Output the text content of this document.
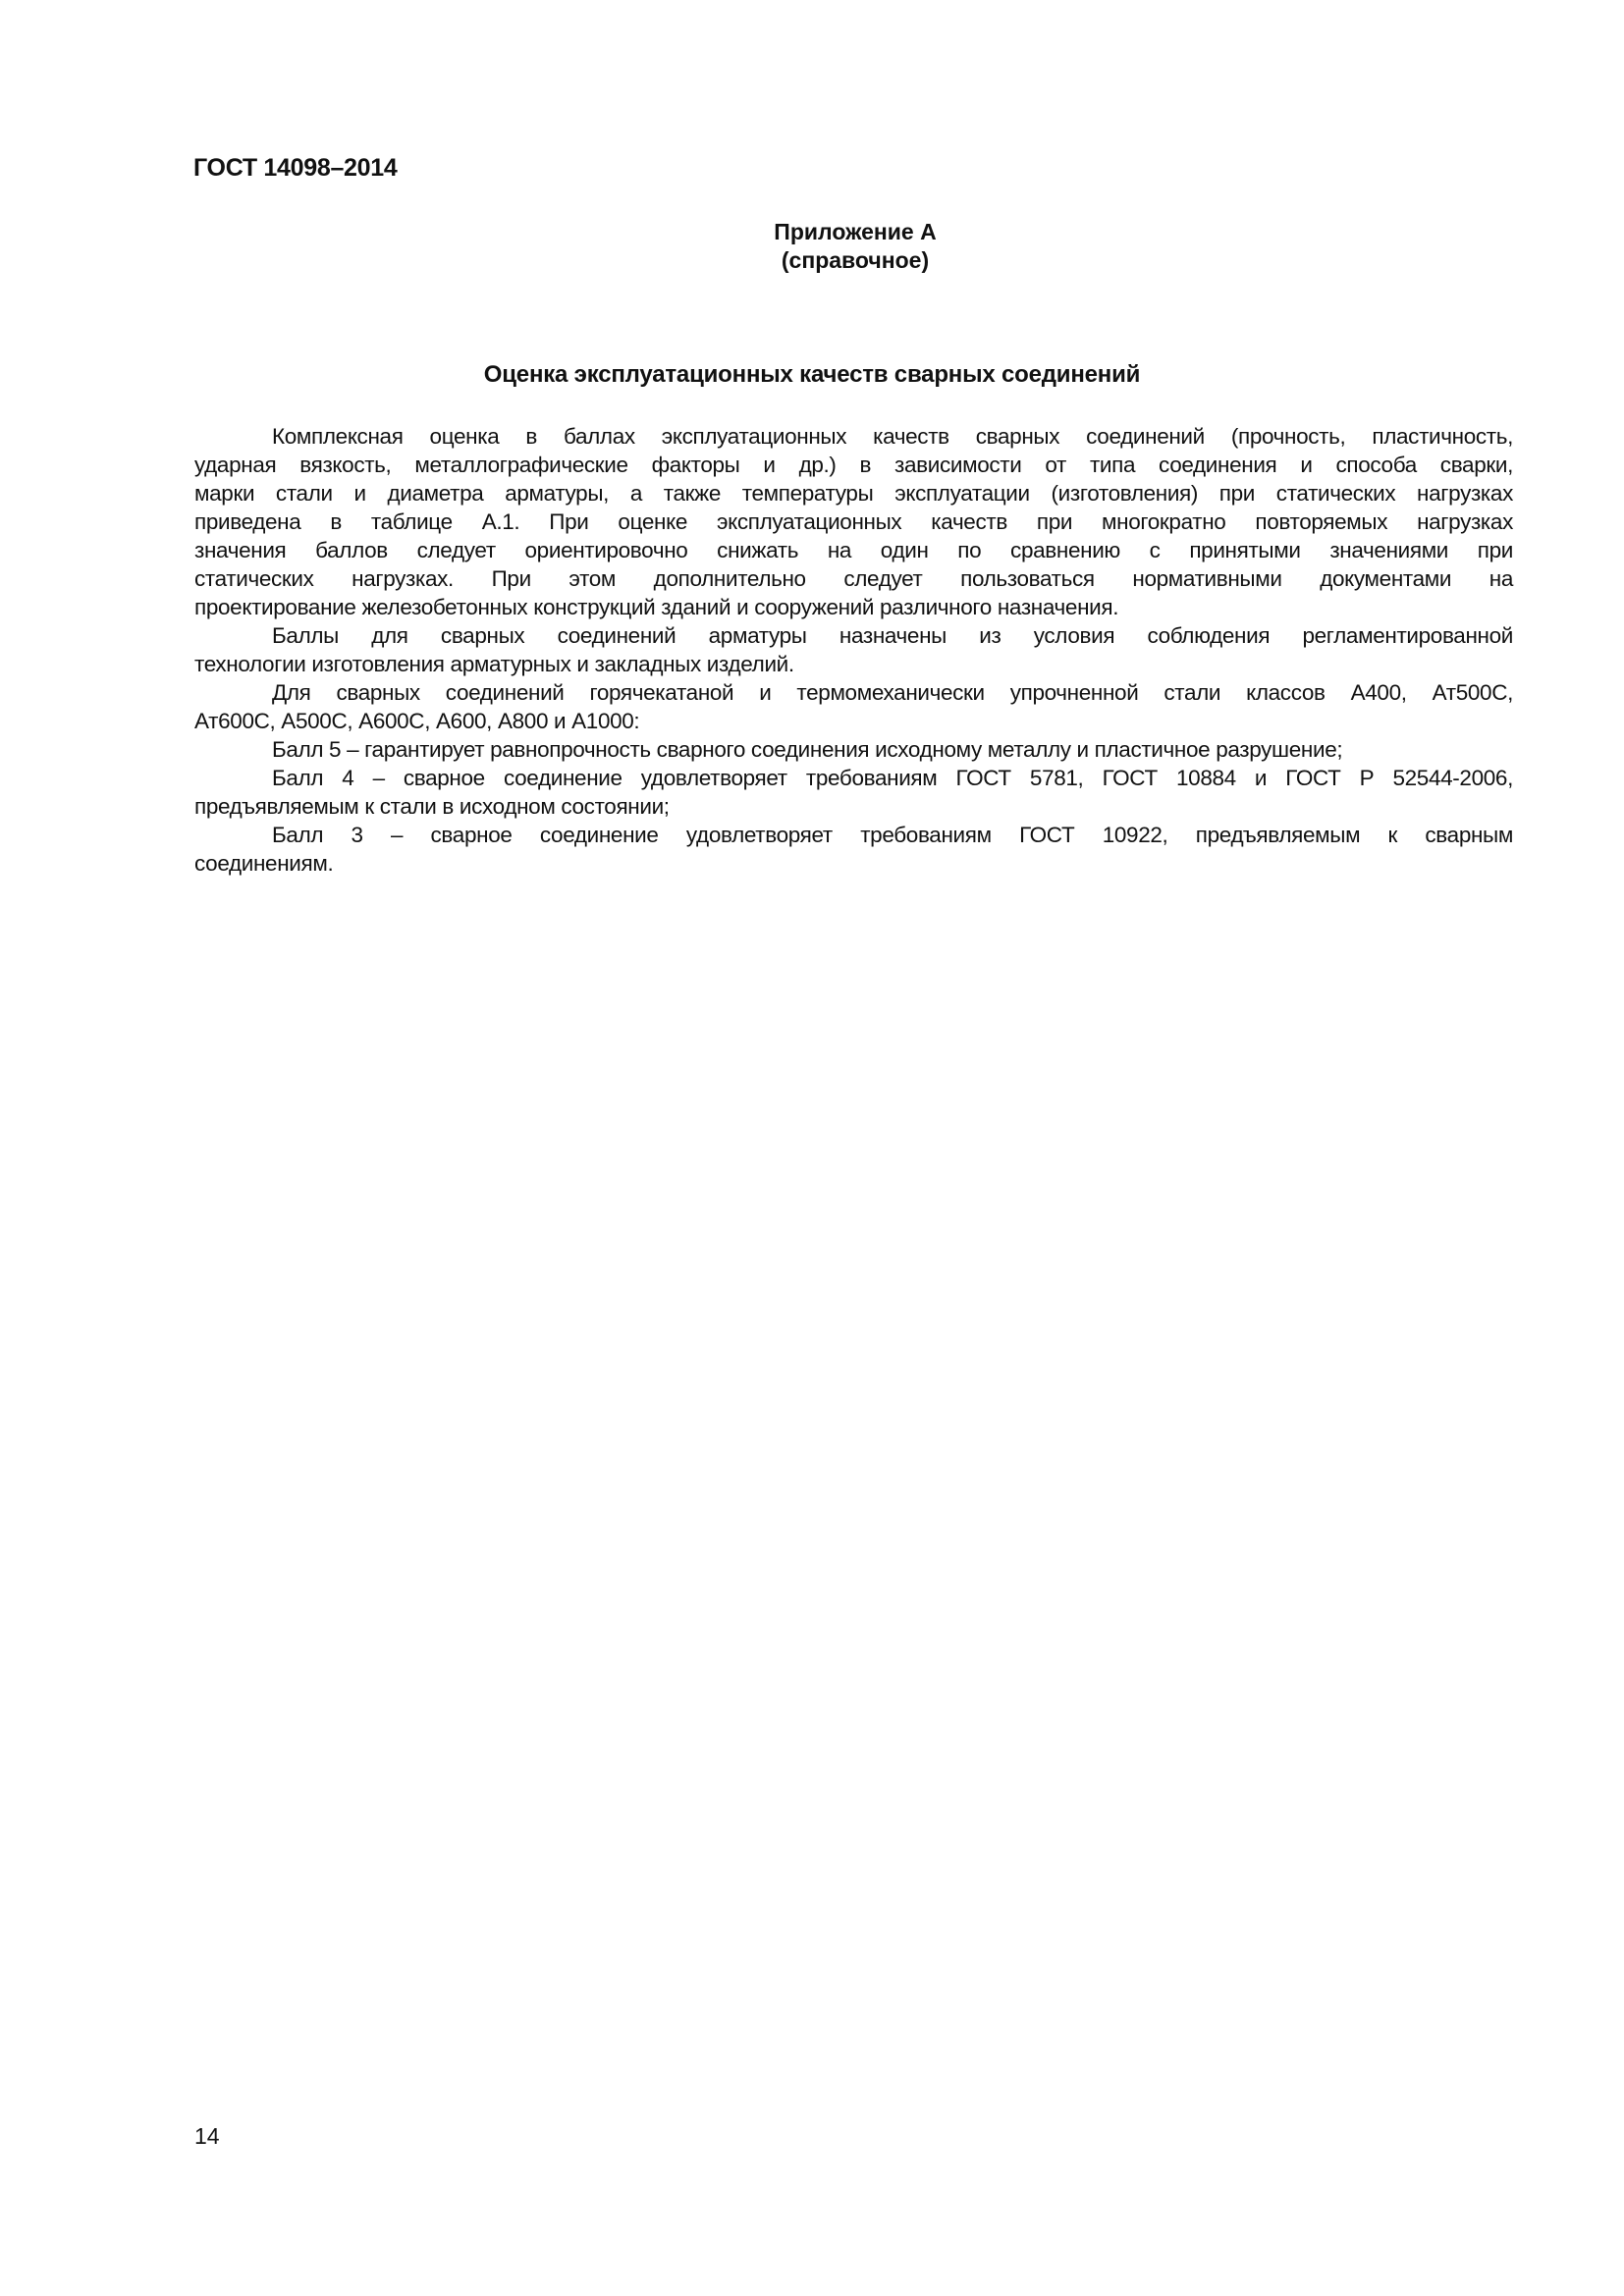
ГОСТ 14098–2014
Приложение А
(справочное)
Оценка эксплуатационных качеств сварных соединений
Комплексная оценка в баллах эксплуатационных качеств сварных соединений (прочность, пластичность,
ударная вязкость, металлографические факторы и др.) в зависимости от типа соединения и способа сварки,
марки стали и диаметра арматуры, а также температуры эксплуатации (изготовления) при статических нагрузках
приведена в таблице А.1. При оценке эксплуатационных качеств при многократно повторяемых нагрузках
значения баллов следует ориентировочно снижать на один по сравнению с принятыми значениями при
статических нагрузках. При этом дополнительно следует пользоваться нормативными документами на
проектирование железобетонных конструкций зданий и сооружений различного назначения.
Баллы для сварных соединений арматуры назначены из условия соблюдения регламентированной
технологии изготовления арматурных и закладных изделий.
Для сварных соединений горячекатаной и термомеханически упрочненной стали классов А400, Ат500С,
Ат600С, А500С, А600С, А600, А800 и А1000:
Балл 5 – гарантирует равнопрочность сварного соединения исходному металлу и пластичное разрушение;
Балл 4 – сварное соединение удовлетворяет требованиям ГОСТ 5781, ГОСТ 10884 и ГОСТ Р 52544-2006,
предъявляемым к стали в исходном состоянии;
Балл 3 – сварное соединение удовлетворяет требованиям ГОСТ 10922, предъявляемым к сварным
соединениям.
14
